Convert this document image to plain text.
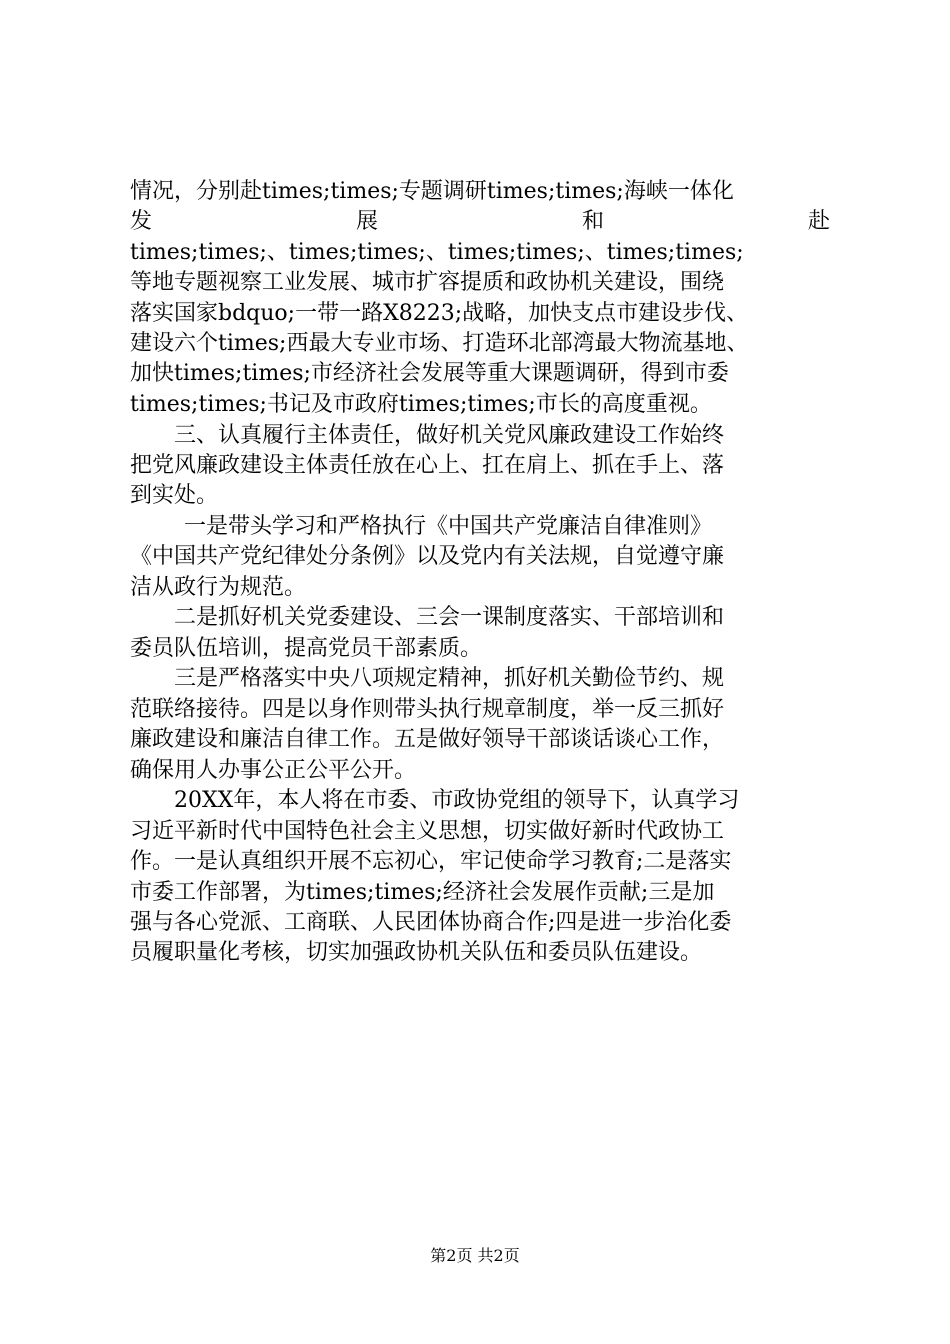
情况，分别赴times;times;专题调研times;times;海峡一体化
发	展	和	赴
times;times;、times;times;、times;times;、times;times;
等地专题视察工业发展、城市扩容提质和政协机关建设，围绕
落实国家bdquo;一带一路X8223;战略，加快支点市建设步伐、
建设六个times;西最大专业市场、打造环北部湾最大物流基地、
加快times;times;市经济社会发展等重大课题调研，得到市委
times;times;书记及市政府times;times;市长的高度重视。
三、认真履行主体责任，做好机关党风廉政建设工作始终
把党风廉政建设主体责任放在心上、扛在肩上、抓在手上、落
到实处。
一是带头学习和严格执行《中国共产党廉洁自律准则》
《中国共产党纪律处分条例》以及党内有关法规，自觉遵守廉
洁从政行为规范。
二是抓好机关党委建设、三会一课制度落实、干部培训和
委员队伍培训，提高党员干部素质。
三是严格落实中央八项规定精神，抓好机关勤俭节约、规
范联络接待。四是以身作则带头执行规章制度，举一反三抓好
廉政建设和廉洁自律工作。五是做好领导干部谈话谈心工作，
确保用人办事公正公平公开。
20XX年，本人将在市委、市政协党组的领导下，认真学习
习近平新时代中国特色社会主义思想，切实做好新时代政协工
作。一是认真组织开展不忘初心，牢记使命学习教育;二是落实
市委工作部署，为times;times;经济社会发展作贡献;三是加
强与各心党派、工商联、人民团体协商合作;四是进一步治化委
员履职量化考核，切实加强政协机关队伍和委员队伍建设。
第2页 共2页
